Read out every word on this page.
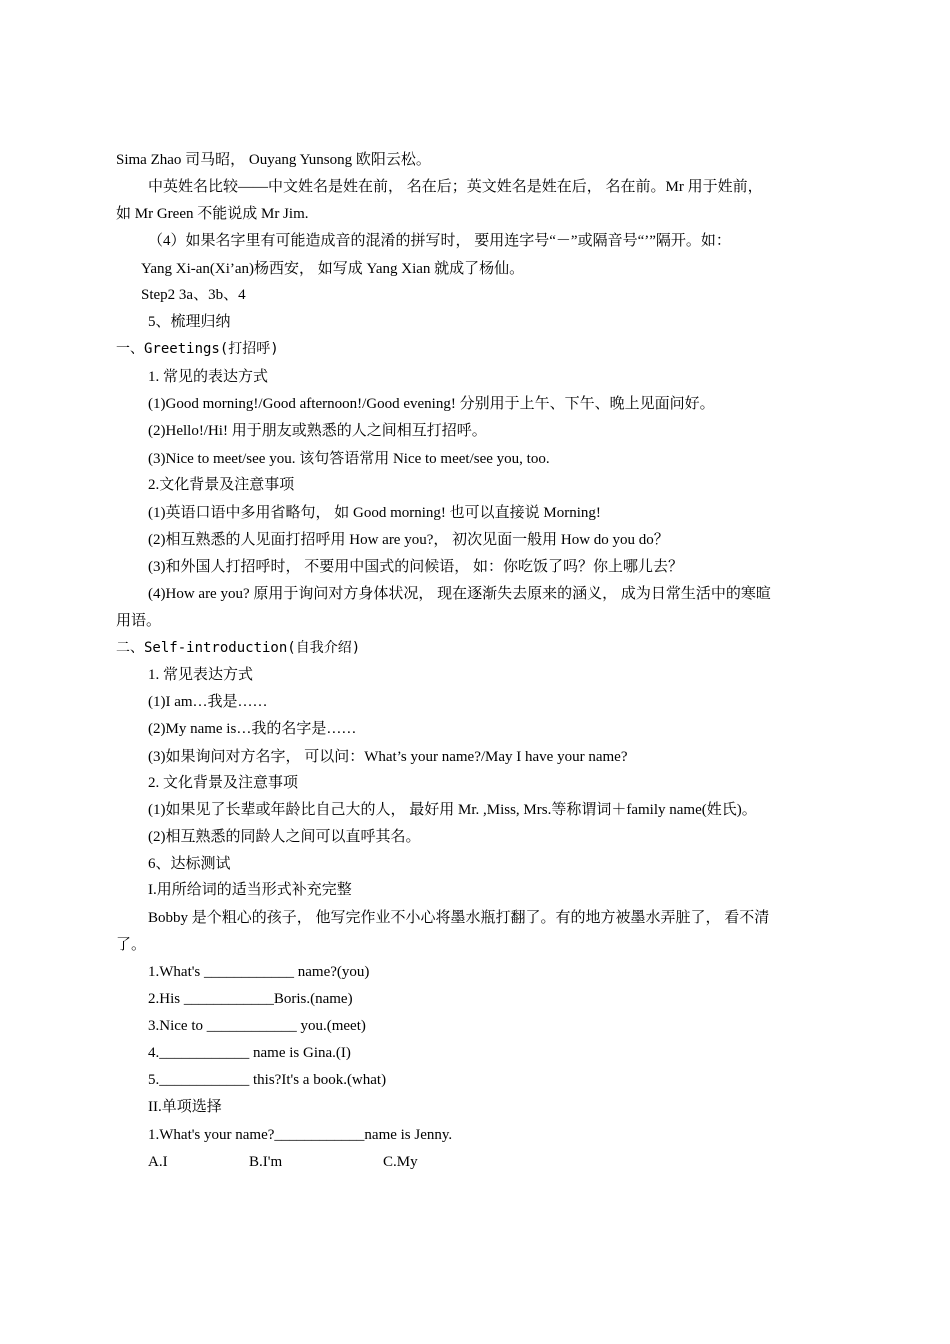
Sima Zhao 司马昭， Ouyang Yunsong 欧阳云松。
中英姓名比较——中文姓名是姓在前， 名在后；英文姓名是姓在后， 名在前。Mr 用于姓前，
如 Mr Green 不能说成 Mr Jim.
（4）如果名字里有可能造成音的混淆的拼写时， 要用连字号“－”或隔音号“’”隔开。如：
Yang Xi-an(Xi’an)杨西安， 如写成 Yang Xian 就成了杨仙。
Step2 3a、3b、4
5、梳理归纳
一、Greetings(打招呼)
1. 常见的表达方式
(1)Good morning!/Good afternoon!/Good evening! 分别用于上午、下午、晚上见面问好。
(2)Hello!/Hi! 用于朋友或熟悉的人之间相互打招呼。
(3)Nice to meet/see you. 该句答语常用 Nice to meet/see you, too.
2.文化背景及注意事项
(1)英语口语中多用省略句， 如 Good morning! 也可以直接说 Morning!
(2)相互熟悉的人见面打招呼用 How are you?， 初次见面一般用 How do you do？
(3)和外国人打招呼时， 不要用中国式的问候语， 如：你吃饭了吗？你上哪儿去？
(4)How are you? 原用于询问对方身体状况， 现在逐渐失去原来的涵义， 成为日常生活中的寒暄
用语。
二、Self-introduction(自我介绍)
1. 常见表达方式
(1)I am…我是……
(2)My name is…我的名字是……
(3)如果询问对方名字， 可以问：What’s your name?/May I have your name?
2. 文化背景及注意事项
(1)如果见了长辈或年龄比自己大的人， 最好用 Mr. ,Miss, Mrs.等称谓词＋family name(姓氏)。
(2)相互熟悉的同龄人之间可以直呼其名。
6、达标测试
I.用所给词的适当形式补充完整
Bobby 是个粗心的孩子， 他写完作业不小心将墨水瓶打翻了。有的地方被墨水弄脏了， 看不清
了。
1.What's ____________ name?(you)
2.His ____________Boris.(name)
3.Nice to ____________ you.(meet)
4.____________ name is Gina.(I)
5.____________ this?It's a book.(what)
II.单项选择
1.What's your name?____________name is Jenny.
A.I	B.I'm	C.My
